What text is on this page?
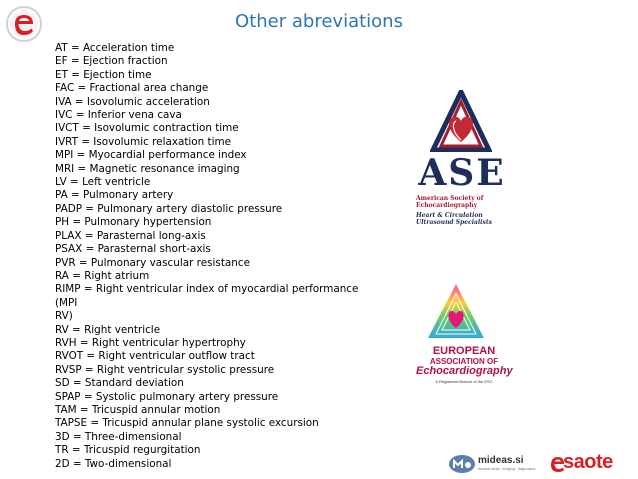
Other abreviations
AT = Acceleration time
EF = Ejection fraction
ET = Ejection time
FAC = Fractional area change
IVA = Isovolumic acceleration
IVC = Inferior vena cava
IVCT = Isovolumic contraction time
IVRT = Isovolumic relaxation time
MPI = Myocardial performance index
MRI = Magnetic resonance imaging
LV = Left ventricle
PA = Pulmonary artery
PADP = Pulmonary artery diastolic pressure
PH = Pulmonary hypertension
PLAX = Parasternal long-axis
PSAX = Parasternal short-axis
PVR = Pulmonary vascular resistance
RA = Right atrium
RIMP = Right ventricular index of myocardial performance (MPI
RV)
RV = Right ventricle
RVH = Right ventricular hypertrophy
RVOT = Right ventricular outflow tract
RVSP = Right ventricular systolic pressure
SD = Standard deviation
SPAP = Systolic pulmonary artery pressure
TAM = Tricuspid annular motion
TAPSE = Tricuspid annular plane systolic excursion
3D = Three-dimensional
TR = Tricuspid regurgitation
2D = Two-dimensional
ASE
American Society of
Echocardiography
Heart & Circulation
Ultrasound Specialists
EUROPEAN
ASSOCIATION OF
Echocardiography
A Registered Branch of the ESC
mideas.si
medical ideas · imaging · diagnostics saote
